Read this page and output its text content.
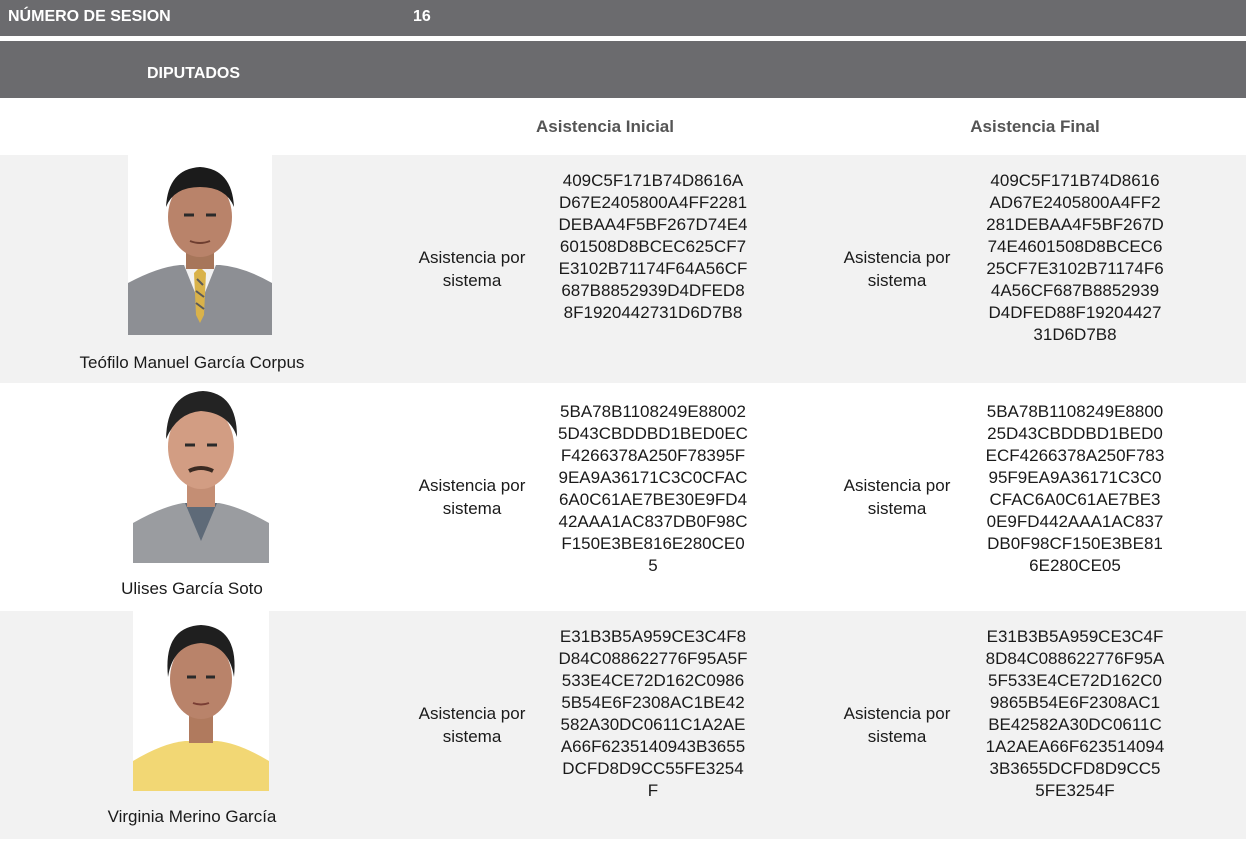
NÚMERO DE SESION	16
DIPUTADOS
Asistencia Inicial	Asistencia Final
Teófilo Manuel García Corpus
Asistencia por sistema
409C5F171B74D8616AD67E2405800A4FF2281DEBAA4F5BF267D74E4601508D8BCEC625CF7E3102B71174F64A56CF687B8852939D4DFED88F1920442731D6D7B8
Asistencia por sistema
409C5F171B74D8616AD67E2405800A4FF2281DEBAA4F5BF267D74E4601508D8BCEC625CF7E3102B71174F64A56CF687B8852939D4DFED88F1920442731D6D7B8
Ulises García Soto
Asistencia por sistema
5BA78B1108249E880025D43CBDDBD1BED0ECF4266378A250F78395F9EA9A36171C3C0CFAC6A0C61AE7BE30E9FD442AAA1AC837DB0F98CF150E3BE816E280CE05
Asistencia por sistema
5BA78B1108249E880025D43CBDDBD1BED0ECF4266378A250F78395F9EA9A36171C3C0CFAC6A0C61AE7BE30E9FD442AAA1AC837DB0F98CF150E3BE816E280CE05
Virginia Merino García
Asistencia por sistema
E31B3B5A959CE3C4F8D84C088622776F95A5F533E4CE72D162C09865B54E6F2308AC1BE42582A30DC0611C1A2AEA66F6235140943B3655DCFD8D9CC55FE3254F
Asistencia por sistema
E31B3B5A959CE3C4F8D84C088622776F95A5F533E4CE72D162C09865B54E6F2308AC1BE42582A30DC0611C1A2AEA66F6235140943B3655DCFD8D9CC55FE3254F
